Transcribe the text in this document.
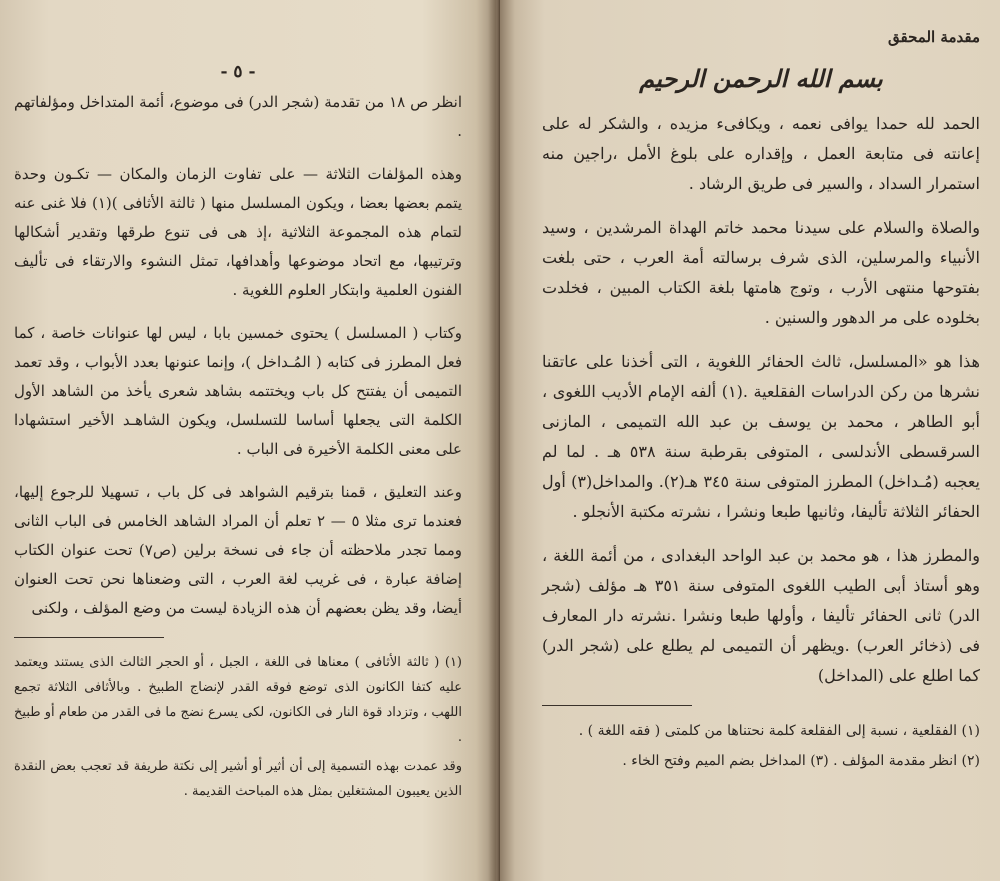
- ٥ -

انظر ص ١٨ من تقدمة (شجر الدر) فى موضوع، أئمة المتداخل ومؤلفاتهم .

وهذه المؤلفات الثلاثة — على تفاوت الزمان والمكان — تكـون وحدة يتمم بعضها بعضا ، ويكون المسلسل منها ( ثالثة الأثافى )(١) فلا غنى عنه لتمام هذه المجموعة الثلاثية ،إذ هى فى تنوع طرقها وتقدير أشكالها وترتيبها، مع اتحاد موضوعها وأهدافها، تمثل النشوء والارتقاء فى تأليف الفنون العلمية وابتكار العلوم اللغوية .

وكتاب ( المسلسل ) يحتوى خمسين بابا ، ليس لها عنوانات خاصة ، كما فعل المطرز فى كتابه ( المُـداخل )، وإنما عنونها بعدد الأبواب ، وقد تعمد التميمى أن يفتتح كل باب ويختتمه بشاهد شعرى يأخذ من الشاهد الأول الكلمة التى يجعلها أساسا للتسلسل، ويكون الشاهـد الأخير استشهادا على معنى الكلمة الأخيرة فى الباب .

وعند التعليق ، قمنا بترقيم الشواهد فى كل باب ، تسهيلا للرجوع إليها، فعندما ترى مثلا ٥ — ٢ تعلم أن المراد الشاهد الخامس فى الباب الثانى ومما تجدر ملاحظته أن جاء فى نسخة برلين (ص٧) تحت عنوان الكتاب إضافة عبارة ، فى غريب لغة العرب ، التى وضعناها نحن تحت العنوان أيضا، وقد يظن بعضهم أن هذه الزيادة ليست من وضع المؤلف ، ولكنى

(١) ( ثالثة الأثافى ) معناها فى اللغة ، الجبل ، أو الحجر الثالث الذى يستند ويعتمد عليه كتفا الكانون الذى توضع فوقه القدر لإنضاج الطبيخ . وبالأثافى الثلاثة تجمع اللهب ، وتزداد قوة النار فى الكانون، لكى يسرع نضج ما فى القدر من طعام أو طبيخ .

وقد عمدت بهذه التسمية إلى أن أثير أو أشير إلى نكتة طريفة قد تعجب بعض النقدة الذين يعيبون المشتغلين بمثل هذه المباحث القديمة .

مقدمة المحقق
بسم الله الرحمن الرحيم

الحمد لله حمدا يوافى نعمه ، ويكافىء مزيده ، والشكر له على إعانته فى متابعة العمل ، وإقداره على بلوغ الأمل ،راجين منه استمرار السداد ، والسير فى طريق الرشاد .

والصلاة والسلام على سيدنا محمد خاتم الهداة المرشدين ، وسيد الأنبياء والمرسلين، الذى شرف برسالته أمة العرب ، حتى بلغت بفتوحها منتهى الأرب ، وتوج هامتها بلغة الكتاب المبين ، فخلدت بخلوده على مر الدهور والسنين .

هذا هو «المسلسل، ثالث الحفائر اللغوية ، التى أخذنا على عاتقنا نشرها من ركن الدراسات الفقلعية .(١) ألفه الإمام الأديب اللغوى ، أبو الطاهر ، محمد بن يوسف بن عبد الله التميمى ، المازنى السرقسطى الأندلسى ، المتوفى بقرطبة سنة ٥٣٨ هـ . لما لم يعجبه (مُـداخل) المطرز المتوفى سنة ٣٤٥ هـ(٢). والمداخل(٣) أول الحفائر الثلاثة تأليفا، وثانيها طبعا ونشرا ، نشرته مكتبة الأنجلو .

والمطرز هذا ، هو محمد بن عبد الواحد البغدادى ، من أئمة اللغة ، وهو أستاذ أبى الطيب اللغوى المتوفى سنة ٣٥١ هـ مؤلف (شجر الدر) ثانى الحفائر تأليفا ، وأولها طبعا ونشرا .نشرته دار المعارف فى (ذخائر العرب) .ويظهر أن التميمى لم يطلع على (شجر الدر) كما اطلع على (المداخل)

(١) الفقلعية ، نسبة إلى الفقلعة كلمة نحتناها من كلمتى ( فقه اللغة ) .

(٢) انظر مقدمة المؤلف . (٣) المداخل بضم الميم وفتح الخاء .
